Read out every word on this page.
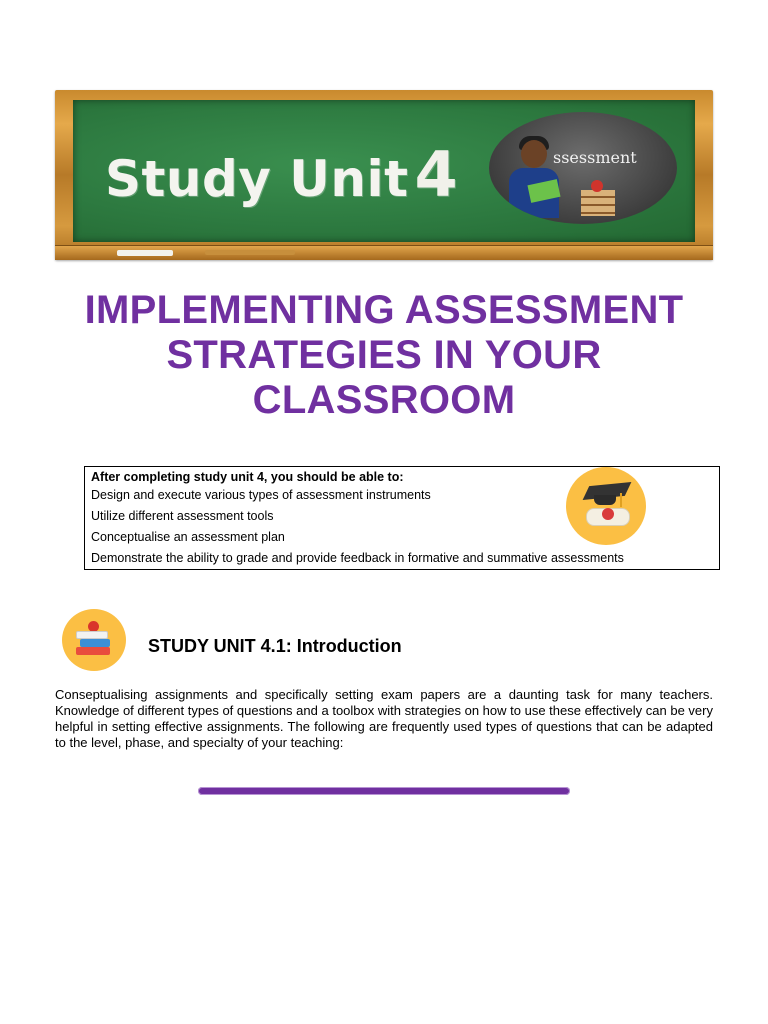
Study Unit4	ssessment
IMPLEMENTING ASSESSMENT
STRATEGIES IN YOUR
CLASSROOM
After completing study unit 4, you should be able to:
Design and execute various types of assessment instruments
Utilize different assessment tools
Conceptualise an assessment plan
Demonstrate the ability to grade and provide feedback in formative and summative assessments
STUDY UNIT 4.1: Introduction
Conseptualising assignments and specifically setting exam papers are a daunting task for many teachers. Knowledge of different types of questions and a toolbox with strategies on how to use these effectively can be very helpful in setting effective assignments. The following are frequently used types of questions that can be adapted to the level, phase, and specialty of your teaching:
